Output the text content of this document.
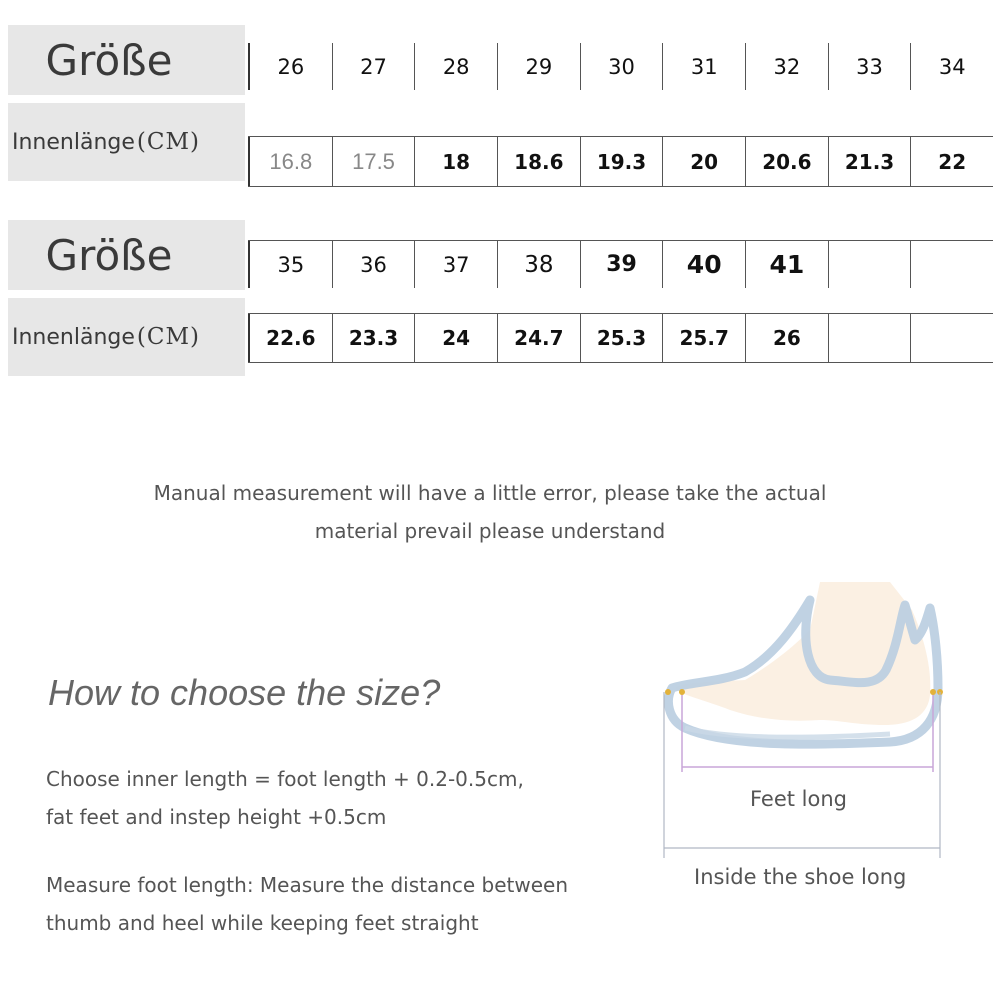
Größe
Innenlänge (CM)
26	27	28	29	30	31	32	33	34
16.8	17.5	18	18.6	19.3	20	20.6	21.3	22
Größe
Innenlänge (CM)
35	36	37	38	39	40	41
22.6	23.3	24	24.7	25.3	25.7	26
Manual measurement will have a little error, please take the actual
material prevail please understand
How to choose the size?
Choose inner length = foot length + 0.2-0.5cm,
fat feet and instep height +0.5cm
Measure foot length: Measure the distance between
thumb and heel while keeping feet straight
Feet long
Inside the shoe long
